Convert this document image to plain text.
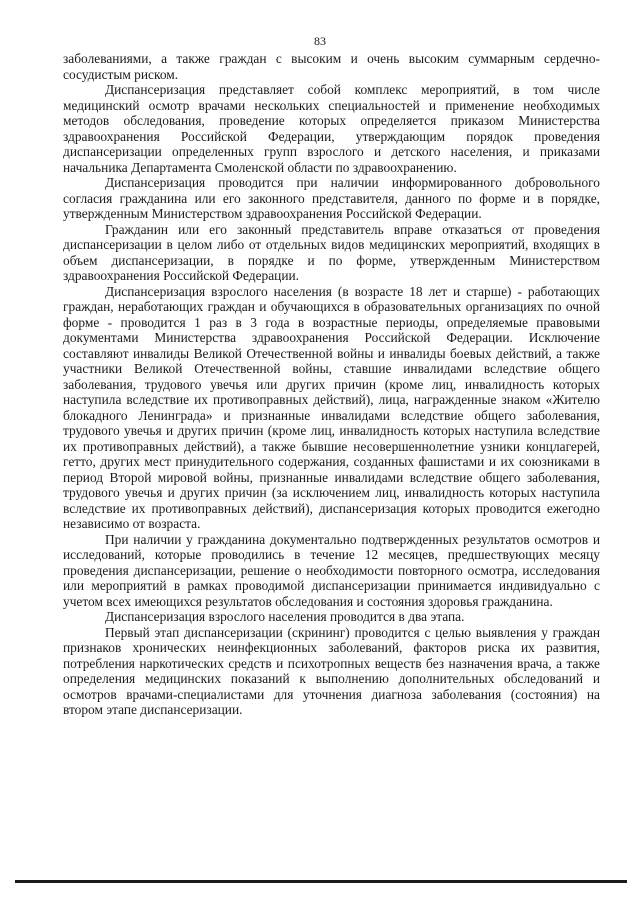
83

заболеваниями, а также граждан с высоким и очень высоким суммарным сердечно-сосудистым риском.

Диспансеризация представляет собой комплекс мероприятий, в том числе медицинский осмотр врачами нескольких специальностей и применение необходимых методов обследования, проведение которых определяется приказом Министерства здравоохранения Российской Федерации, утверждающим порядок проведения диспансеризации определенных групп взрослого и детского населения, и приказами начальника Департамента Смоленской области по здравоохранению.

Диспансеризация проводится при наличии информированного добровольного согласия гражданина или его законного представителя, данного по форме и в порядке, утвержденным Министерством здравоохранения Российской Федерации.

Гражданин или его законный представитель вправе отказаться от проведения диспансеризации в целом либо от отдельных видов медицинских мероприятий, входящих в объем диспансеризации, в порядке и по форме, утвержденным Министерством здравоохранения Российской Федерации.

Диспансеризация взрослого населения (в возрасте 18 лет и старше) - работающих граждан, неработающих граждан и обучающихся в образовательных организациях по очной форме - проводится 1 раз в 3 года в возрастные периоды, определяемые правовыми документами Министерства здравоохранения Российской Федерации. Исключение составляют инвалиды Великой Отечественной войны и инвалиды боевых действий, а также участники Великой Отечественной войны, ставшие инвалидами вследствие общего заболевания, трудового увечья или других причин (кроме лиц, инвалидность которых наступила вследствие их противоправных действий), лица, награжденные знаком «Жителю блокадного Ленинграда» и признанные инвалидами вследствие общего заболевания, трудового увечья и других причин (кроме лиц, инвалидность которых наступила вследствие их противоправных действий), а также бывшие несовершеннолетние узники концлагерей, гетто, других мест принудительного содержания, созданных фашистами и их союзниками в период Второй мировой войны, признанные инвалидами вследствие общего заболевания, трудового увечья и других причин (за исключением лиц, инвалидность которых наступила вследствие их противоправных действий), диспансеризация которых проводится ежегодно независимо от возраста.

При наличии у гражданина документально подтвержденных результатов осмотров и исследований, которые проводились в течение 12 месяцев, предшествующих месяцу проведения диспансеризации, решение о необходимости повторного осмотра, исследования или мероприятий в рамках проводимой диспансеризации принимается индивидуально с учетом всех имеющихся результатов обследования и состояния здоровья гражданина.

Диспансеризация взрослого населения проводится в два этапа.

Первый этап диспансеризации (скрининг) проводится с целью выявления у граждан признаков хронических неинфекционных заболеваний, факторов риска их развития, потребления наркотических средств и психотропных веществ без назначения врача, а также определения медицинских показаний к выполнению дополнительных обследований и осмотров врачами-специалистами для уточнения диагноза заболевания (состояния) на втором этапе диспансеризации.
